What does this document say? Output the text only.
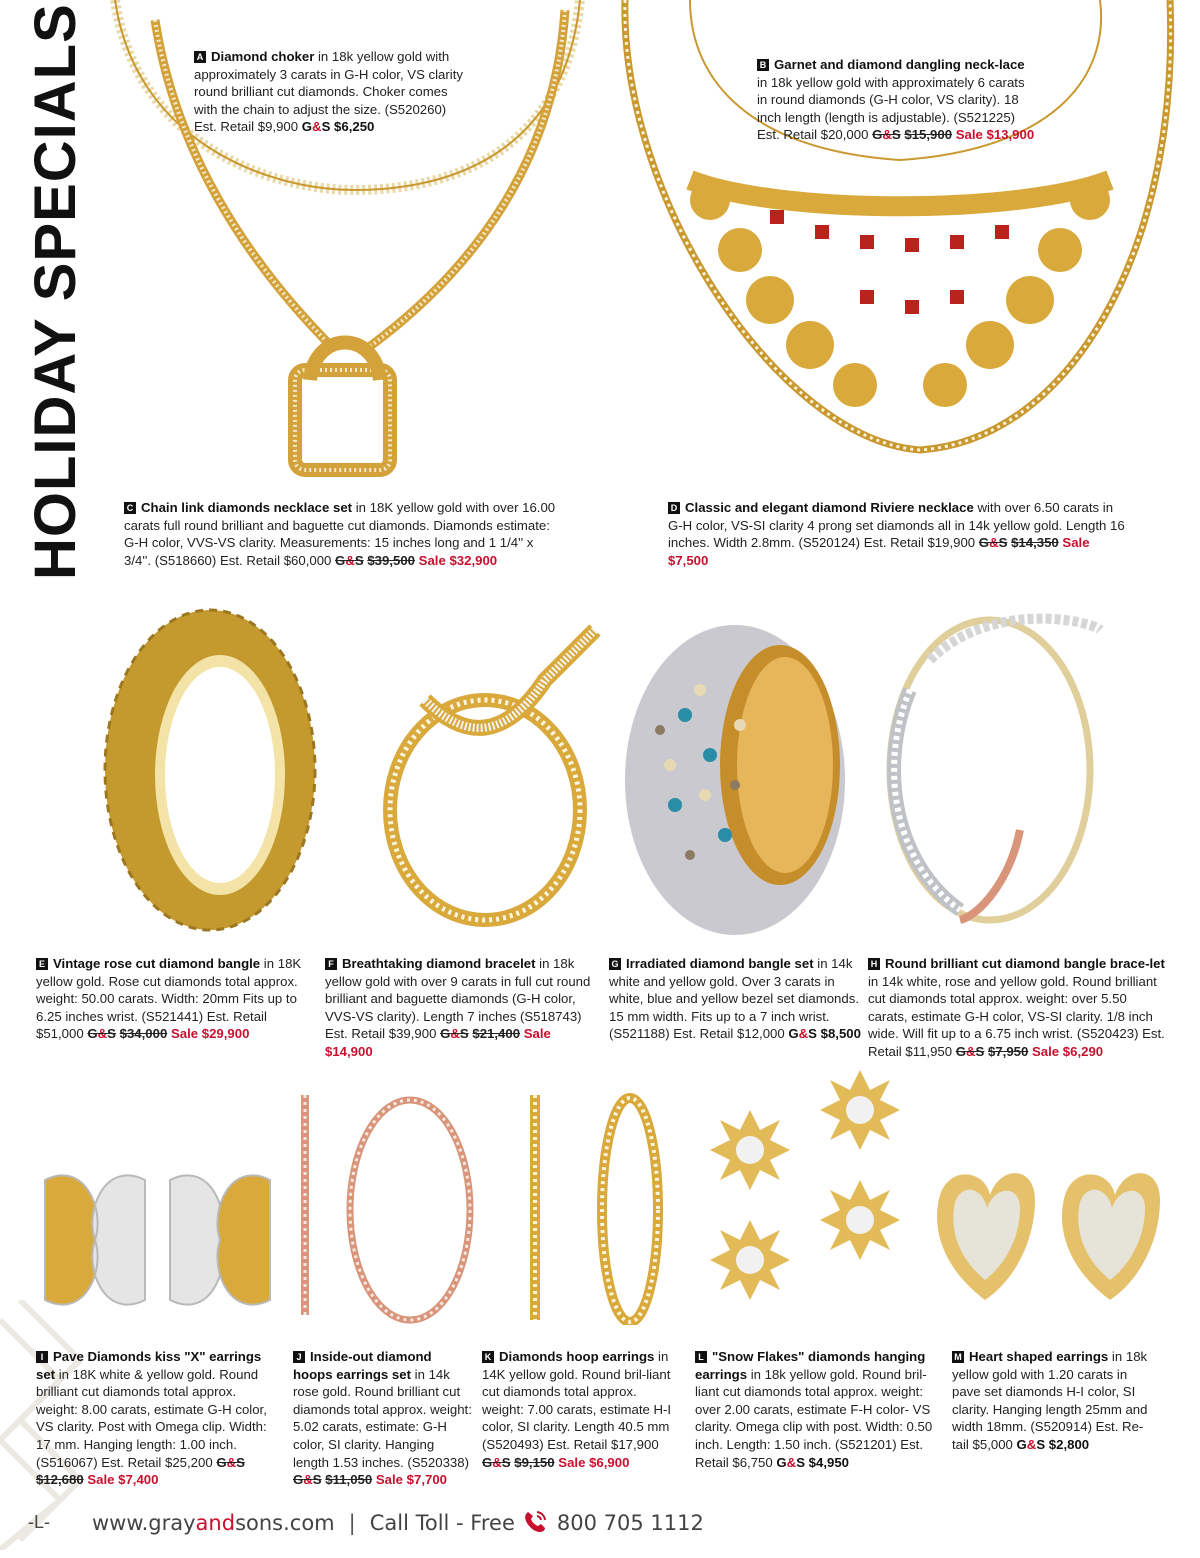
HOLIDAY SPECIALS	A Diamond choker in 18k yellow gold with approximately 3 carats in G-H color, VS clarity round brilliant cut diamonds. Choker comes with the chain to adjust the size. (S520260) Est. Retail $9,900 G&S $6,250
B Garnet and diamond dangling neck-lace in 18k yellow gold with approximately 6 carats in round diamonds (G-H color, VS clarity). 18 inch length (length is adjustable). (S521225) Est. Retail $20,000 G&S $15,900 Sale $13,900
C Chain link diamonds necklace set in 18K yellow gold with over 16.00 carats full round brilliant and baguette cut diamonds. Diamonds estimate: G-H color, VVS-VS clarity. Measurements: 15 inches long and 1 1/4'' x 3/4''. (S518660) Est. Retail $60,000 G&S $39,500 Sale $32,900
D Classic and elegant diamond Riviere necklace with over 6.50 carats in G-H color, VS-SI clarity 4 prong set diamonds all in 14k yellow gold. Length 16 inches. Width 2.8mm. (S520124) Est. Retail $19,900 G&S $14,350 Sale $7,500
E Vintage rose cut diamond bangle in 18K yellow gold. Rose cut diamonds total approx. weight: 50.00 carats. Width: 20mm Fits up to 6.25 inches wrist. (S521441) Est. Retail $51,000 G&S $34,000 Sale $29,900
F Breathtaking diamond bracelet in 18k yellow gold with over 9 carats in full cut round brilliant and baguette diamonds (G-H color, VVS-VS clarity). Length 7 inches (S518743) Est. Retail $39,900 G&S $21,400 Sale $14,900
G Irradiated diamond bangle set in 14k white and yellow gold. Over 3 carats in white, blue and yellow bezel set diamonds. 15 mm width. Fits up to a 7 inch wrist. (S521188) Est. Retail $12,000 G&S $8,500
H Round brilliant cut diamond bangle brace-let in 14k white, rose and yellow gold. Round brilliant cut diamonds total approx. weight: over 5.50 carats, estimate G-H color, VS-SI clarity. 1/8 inch wide. Will fit up to a 6.75 inch wrist. (S520423) Est. Retail $11,950 G&S $7,950 Sale $6,290
I Pave Diamonds kiss "X" earrings set in 18K white & yellow gold. Round brilliant cut diamonds total approx. weight: 8.00 carats, estimate G-H color, VS clarity. Post with Omega clip. Width: 17 mm. Hanging length: 1.00 inch. (S516067) Est. Retail $25,200 G&S $12,680 Sale $7,400
J Inside-out diamond hoops earrings set in 14k rose gold. Round brilliant cut diamonds total approx. weight: 5.02 carats, estimate: G-H color, SI clarity. Hanging length 1.53 inches. (S520338) G&S $11,050 Sale $7,700
K Diamonds hoop earrings in 14K yellow gold. Round bril-liant cut diamonds total approx. weight: 7.00 carats, estimate H-I color, SI clarity. Length 40.5 mm (S520493) Est. Retail $17,900 G&S $9,150 Sale $6,900
L "Snow Flakes" diamonds hanging earrings in 18k yellow gold. Round bril-liant cut diamonds total approx. weight: over 2.00 carats, estimate F-H color- VS clarity. Omega clip with post. Width: 0.50 inch. Length: 1.50 inch. (S521201) Est. Retail $6,750 G&S $4,950
M Heart shaped earrings in 18k yellow gold with 1.20 carats in pave set diamonds H-I color, SI clarity. Hanging length 25mm and width 18mm. (S520914) Est. Re-tail $5,000 G&S $2,800
-L- www.grayandsons.com | Call Toll - Free 800 705 1112
